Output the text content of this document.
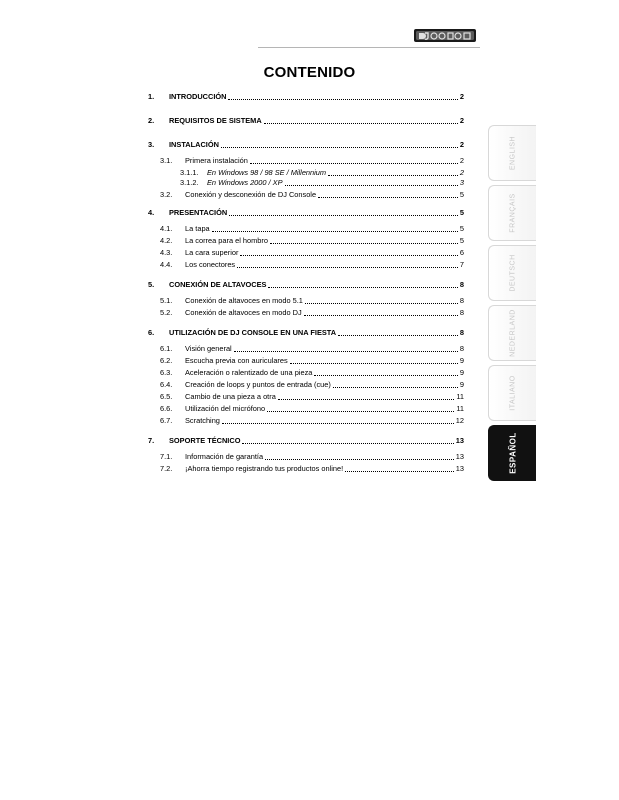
CONTENIDO
1.	INTRODUCCIÓN	2
2.	REQUISITOS DE SISTEMA	2
3.	INSTALACIÓN	2
3.1.	Primera instalación	2
3.1.1.	En Windows 98 / 98 SE / Millennium	2
3.1.2.	En Windows 2000 / XP	3
3.2.	Conexión y desconexión de DJ Console	5
4.	PRESENTACIÓN	5
4.1.	La tapa	5
4.2.	La correa para el hombro	5
4.3.	La cara superior	6
4.4.	Los conectores	7
5.	CONEXIÓN DE ALTAVOCES	8
5.1.	Conexión de altavoces en modo 5.1	8
5.2.	Conexión de altavoces en modo DJ	8
6.	UTILIZACIÓN DE DJ CONSOLE EN UNA FIESTA	8
6.1.	Visión general	8
6.2.	Escucha previa con auriculares	9
6.3.	Aceleración o ralentizado de una pieza	9
6.4.	Creación de loops y puntos de entrada (cue)	9
6.5.	Cambio de una pieza a otra	11
6.6.	Utilización del micrófono	11
6.7.	Scratching	12
7.	SOPORTE TÉCNICO	13
7.1.	Información de garantía	13
7.2.	¡Ahorra tiempo registrando tus productos online!	13
ENGLISH
FRANÇAIS
DEUTSCH
NEDERLAND
ITALIANO
ESPAÑOL
